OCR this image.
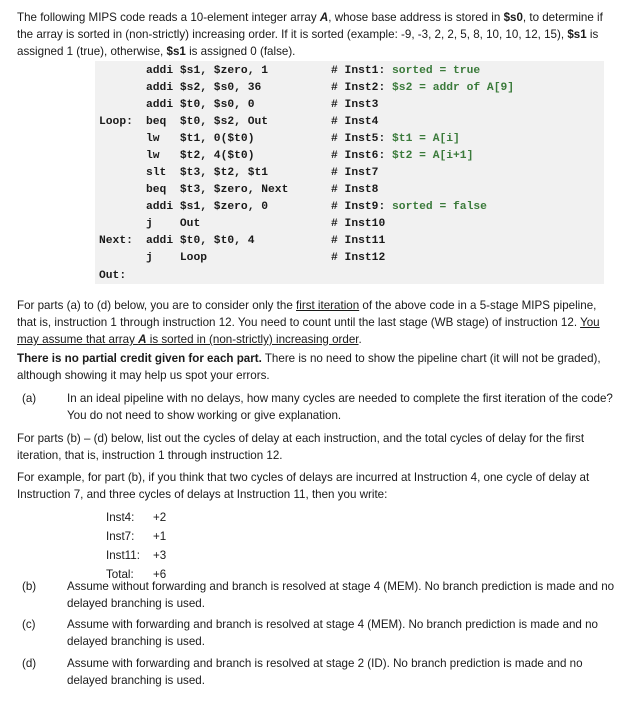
The following MIPS code reads a 10-element integer array A, whose base address is stored in $s0, to determine if the array is sorted in (non-strictly) increasing order. If it is sorted (example: -9, -3, 2, 2, 5, 8, 10, 10, 12, 15), $s1 is assigned 1 (true), otherwise, $s1 is assigned 0 (false).

addi $s1, $zero, 1	# Inst1: sorted = true
addi $s2, $s0, 36	# Inst2: $s2 = addr of A[9]
addi $t0, $s0, 0	# Inst3
Loop:	beq  $t0, $s2, Out	# Inst4
lw   $t1, 0($t0)	# Inst5: $t1 = A[i]
lw   $t2, 4($t0)	# Inst6: $t2 = A[i+1]
slt  $t3, $t2, $t1	# Inst7
beq  $t3, $zero, Next	# Inst8
addi $s1, $zero, 0	# Inst9: sorted = false
j    Out	# Inst10
Next:	addi $t0, $t0, 4	# Inst11
j    Loop	# Inst12
Out:

For parts (a) to (d) below, you are to consider only the first iteration of the above code in a 5-stage MIPS pipeline, that is, instruction 1 through instruction 12. You need to count until the last stage (WB stage) of instruction 12. You may assume that array A is sorted in (non-strictly) increasing order.

There is no partial credit given for each part. There is no need to show the pipeline chart (it will not be graded), although showing it may help us spot your errors.

(a)	In an ideal pipeline with no delays, how many cycles are needed to complete the first iteration of the code? You do not need to show working or give explanation.

For parts (b) – (d) below, list out the cycles of delay at each instruction, and the total cycles of delay for the first iteration, that is, instruction 1 through instruction 12.

For example, for part (b), if you think that two cycles of delays are incurred at Instruction 4, one cycle of delay at Instruction 7, and three cycles of delays at Instruction 11, then you write:

Inst4: +2
Inst7: +1
Inst11: +3
Total: +6
(b)	Assume without forwarding and branch is resolved at stage 4 (MEM). No branch prediction is made and no delayed branching is used.
(c)	Assume with forwarding and branch is resolved at stage 4 (MEM). No branch prediction is made and no delayed branching is used.
(d)	Assume with forwarding and branch is resolved at stage 2 (ID). No branch prediction is made and no delayed branching is used.
